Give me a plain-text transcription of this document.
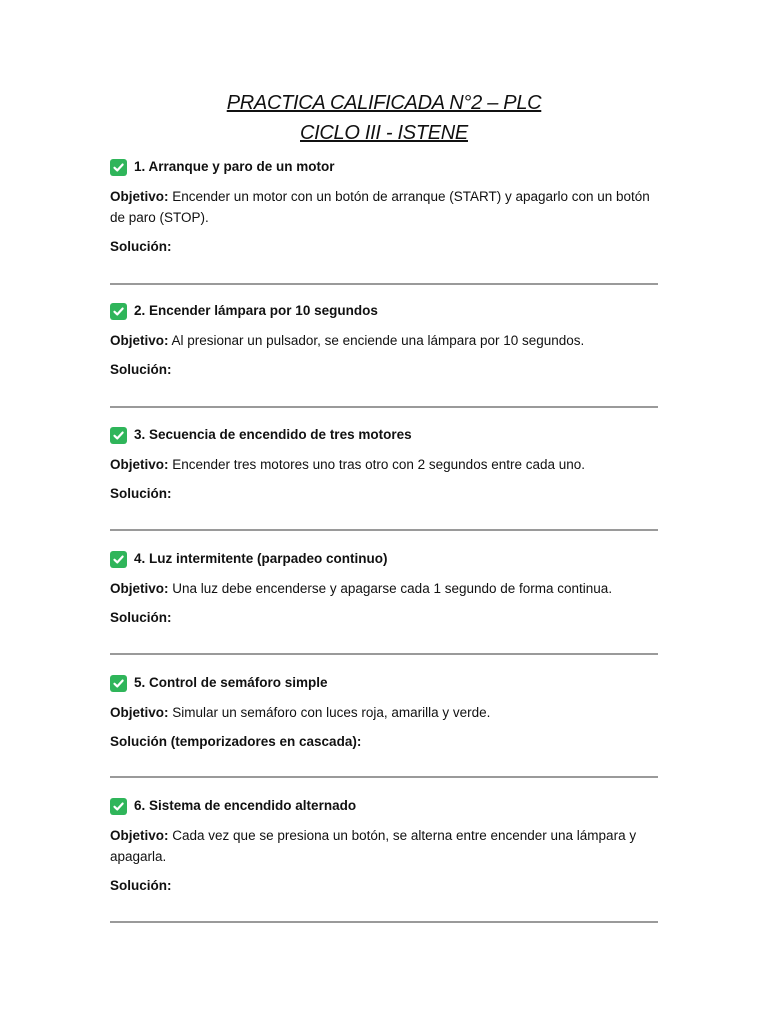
PRACTICA CALIFICADA N°2 – PLC
CICLO III - ISTENE
1. Arranque y paro de un motor
Objetivo: Encender un motor con un botón de arranque (START) y apagarlo con un botón de paro (STOP).
Solución:
2. Encender lámpara por 10 segundos
Objetivo: Al presionar un pulsador, se enciende una lámpara por 10 segundos.
Solución:
3. Secuencia de encendido de tres motores
Objetivo: Encender tres motores uno tras otro con 2 segundos entre cada uno.
Solución:
4. Luz intermitente (parpadeo continuo)
Objetivo: Una luz debe encenderse y apagarse cada 1 segundo de forma continua.
Solución:
5. Control de semáforo simple
Objetivo: Simular un semáforo con luces roja, amarilla y verde.
Solución (temporizadores en cascada):
6. Sistema de encendido alternado
Objetivo: Cada vez que se presiona un botón, se alterna entre encender una lámpara y apagarla.
Solución:
